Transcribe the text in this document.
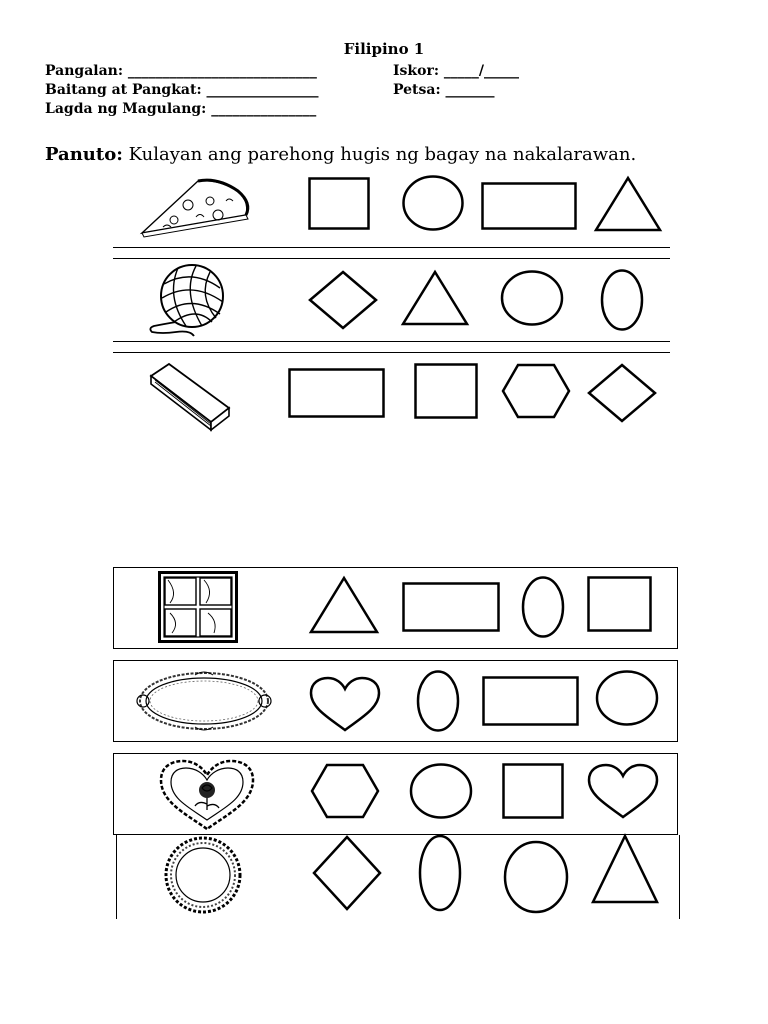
Filipino 1
Pangalan: ___________________________	Iskor: _____/_____
Baitang at Pangkat: ________________	Petsa: _______
Lagda ng Magulang: _______________
Panuto: Kulayan ang parehong hugis ng bagay na nakalarawan.
